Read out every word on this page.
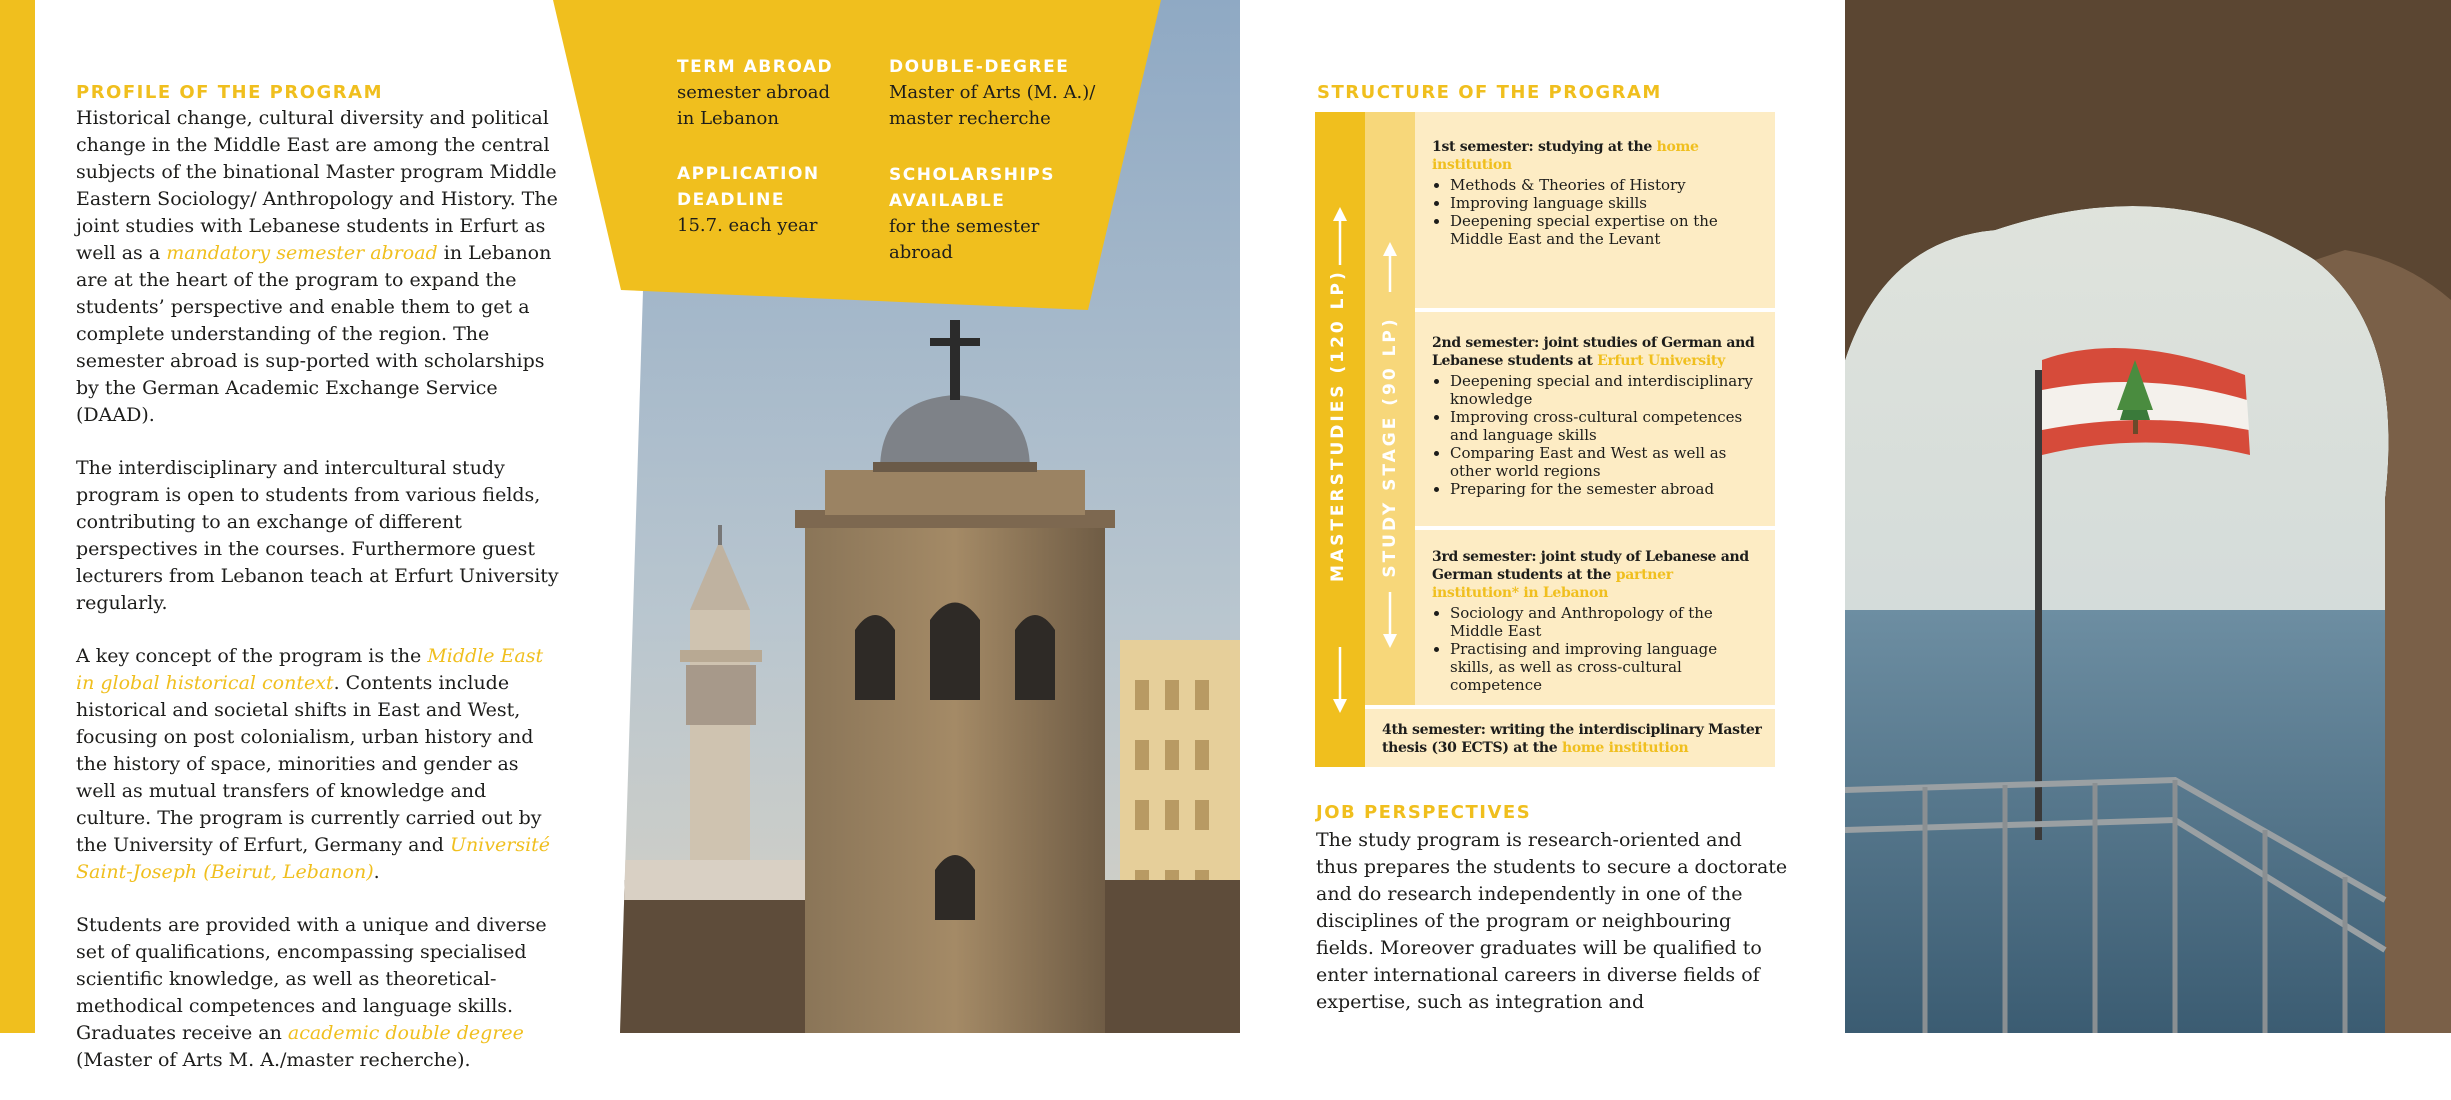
PROFILE OF THE PROGRAM

Historical change, cultural diversity and political change in the Middle East are among the central subjects of the binational Master program Middle Eastern Sociology/ Anthropology and History. The joint studies with Lebanese students in Erfurt as well as a mandatory semester abroad in Lebanon are at the heart of the program to expand the students’ perspective and enable them to get a complete understanding of the region. The semester abroad is sup-ported with scholarships by the German Academic Exchange Service (DAAD).

The interdisciplinary and intercultural study program is open to students from various fields, contributing to an exchange of different perspectives in the courses. Furthermore guest lecturers from Lebanon teach at Erfurt University regularly.

A key concept of the program is the Middle East in global historical context. Contents include historical and societal shifts in East and West, focusing on post colonialism, urban history and the history of space, minorities and gender as well as mutual transfers of knowledge and culture. The program is currently carried out by the University of Erfurt, Germany and Université Saint-Joseph (Beirut, Lebanon).

Students are provided with a unique and diverse set of qualifications, encompassing specialised scientific knowledge, as well as theoretical-methodical competences and language skills. Graduates receive an academic double degree (Master of Arts M. A./master recherche).

TERM ABROAD
semester abroad
in Lebanon
DOUBLE-DEGREE
Master of Arts (M. A.)/
master recherche
APPLICATION
DEADLINE
15.7. each year
SCHOLARSHIPS
AVAILABLE
for the semester
abroad
STRUCTURE OF THE PROGRAM
MASTERSTUDIES (120 LP) STUDY STAGE (90 LP)
1st semester: studying at the home institution
• Methods & Theories of History
• Improving language skills
• Deepening special expertise on the Middle East and the Levant
2nd semester: joint studies of German and Lebanese students at Erfurt University
• Deepening special and interdisciplinary knowledge
• Improving cross-cultural competences and language skills
• Comparing East and West as well as other world regions
• Preparing for the semester abroad
3rd semester: joint study of Lebanese and German students at the partner institution* in Lebanon
• Sociology and Anthropology of the Middle East
• Practising and improving language skills, as well as cross-cultural competence
4th semester: writing the interdisciplinary Master thesis (30 ECTS) at the home institution
JOB PERSPECTIVES
The study program is research-oriented and thus prepares the students to secure a doctorate and do research independently in one of the disciplines of the program or neighbouring fields. Moreover graduates will be qualified to enter international careers in diverse fields of expertise, such as integration and
